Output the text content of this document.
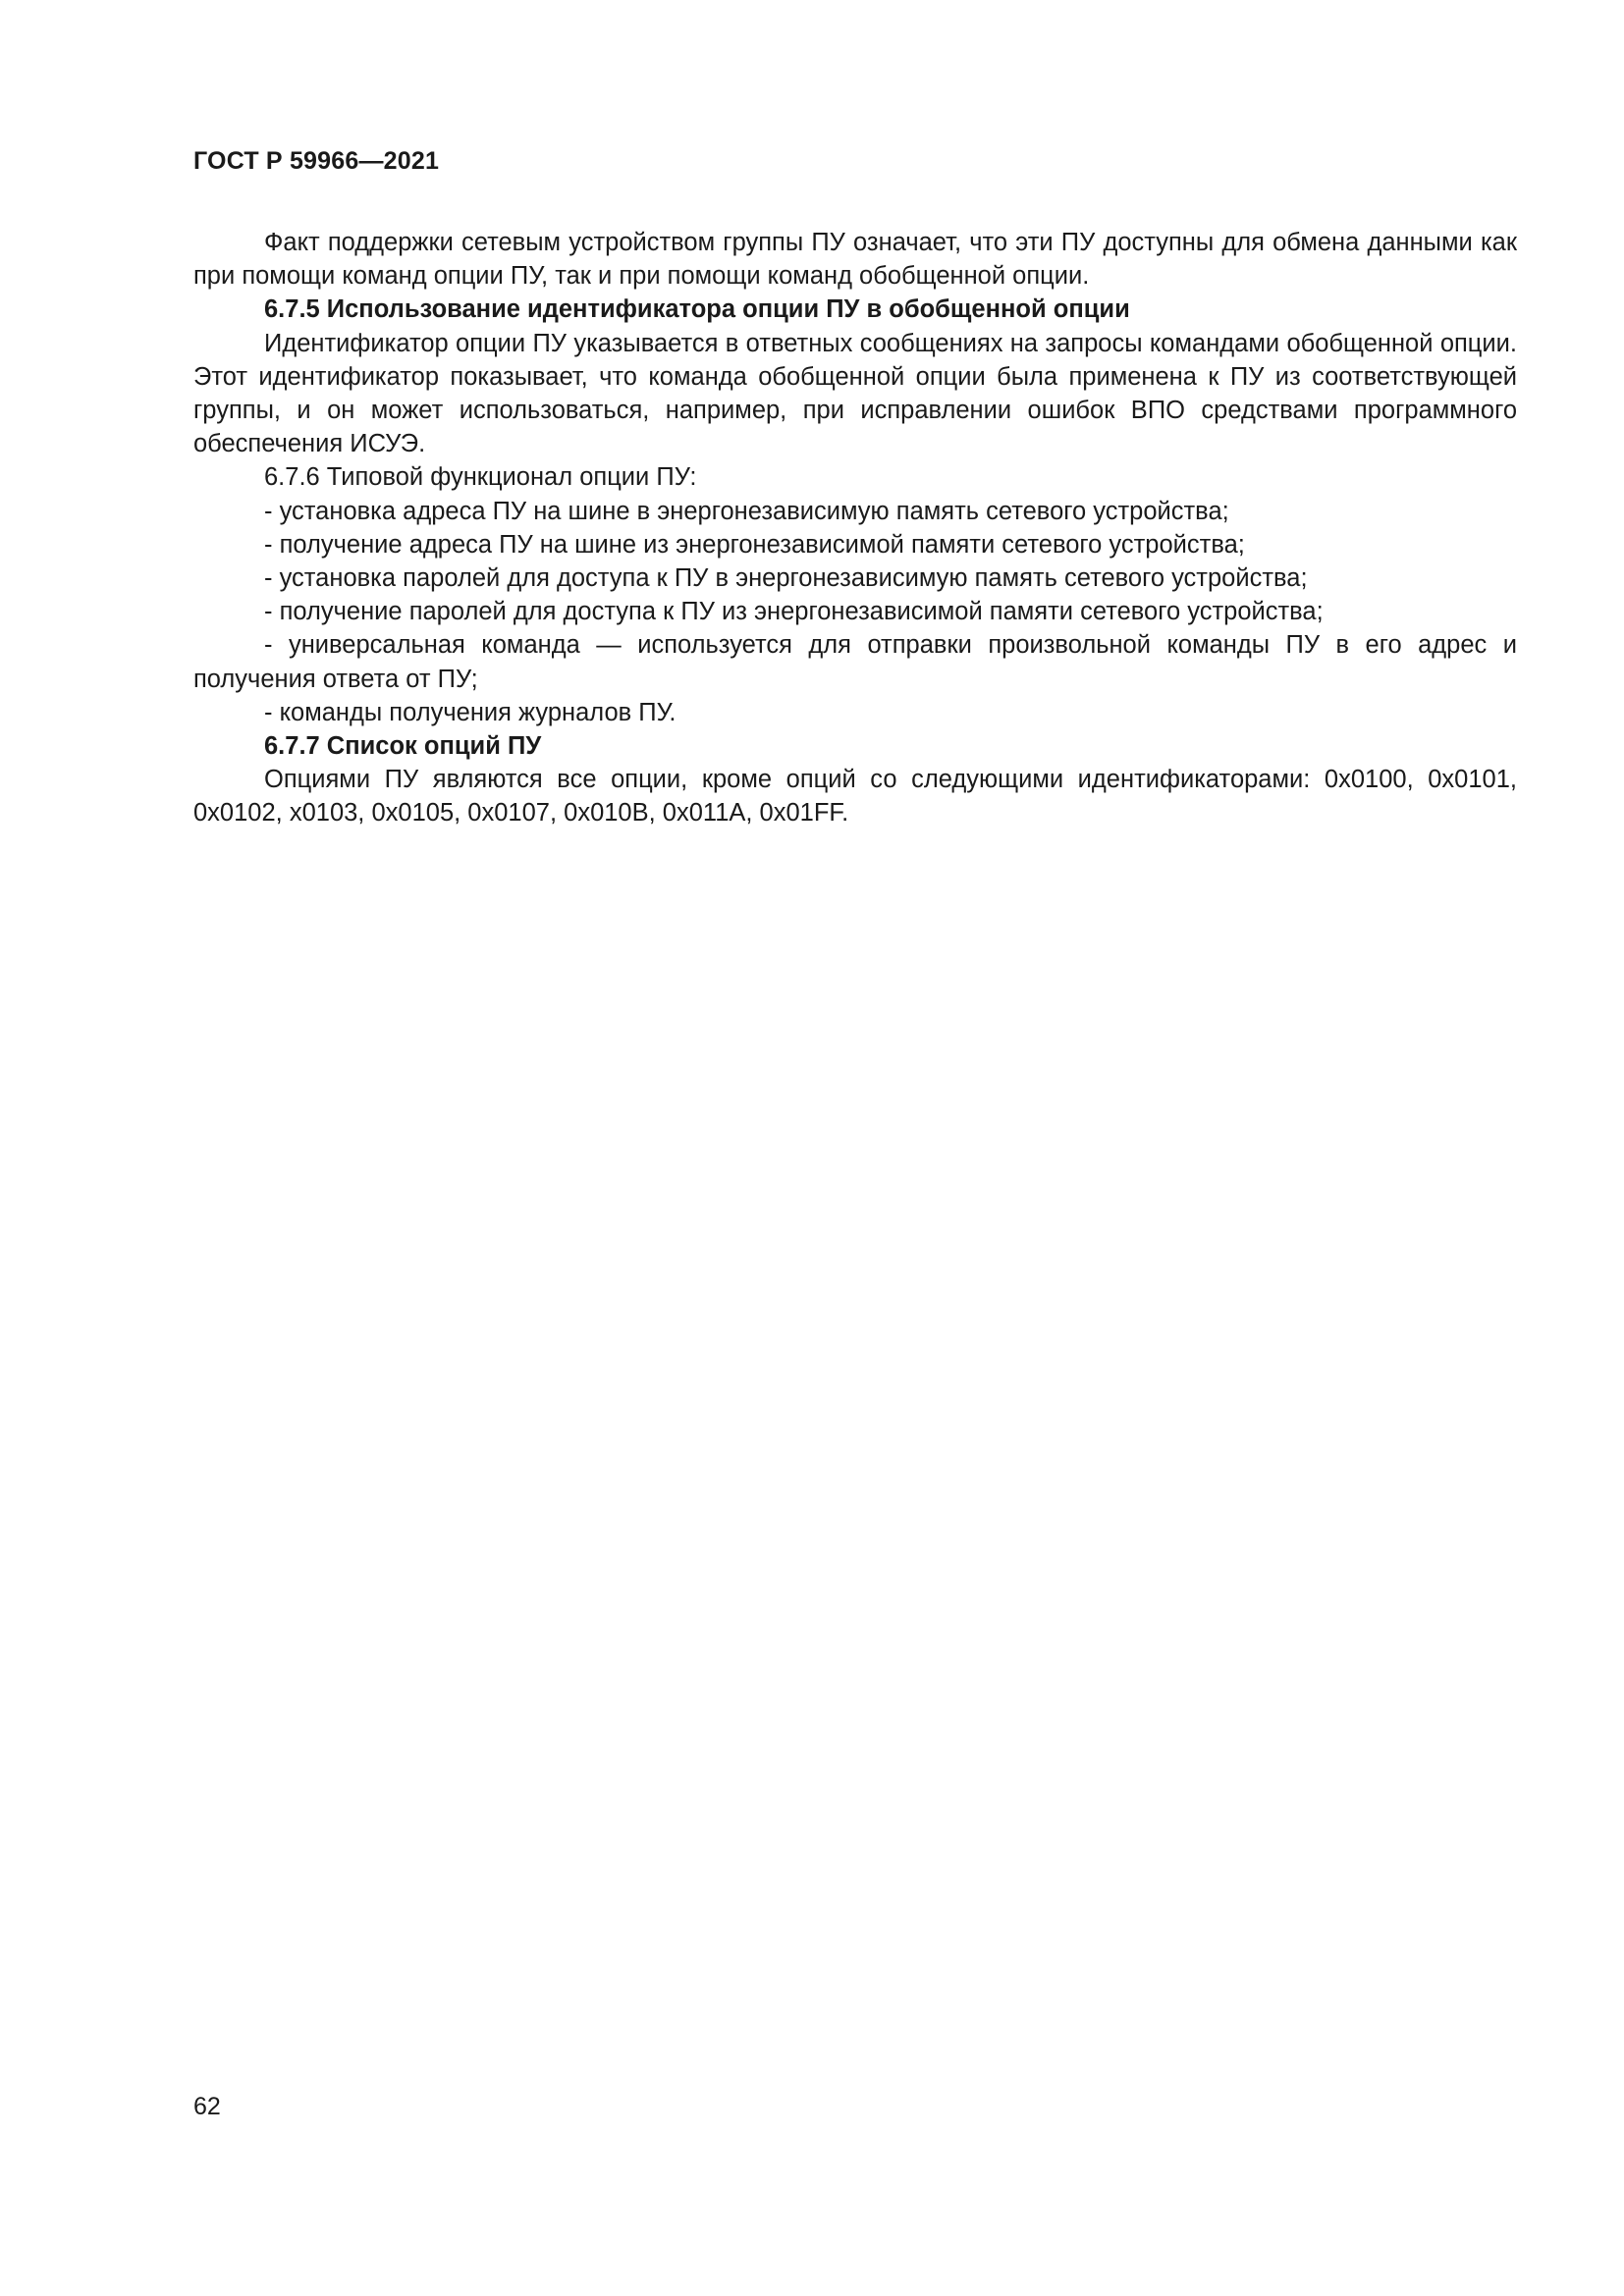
ГОСТ Р 59966—2021

Факт поддержки сетевым устройством группы ПУ означает, что эти ПУ доступны для обмена данными как при помощи команд опции ПУ, так и при помощи команд обобщенной опции.

6.7.5 Использование идентификатора опции ПУ в обобщенной опции

Идентификатор опции ПУ указывается в ответных сообщениях на запросы командами обобщенной опции. Этот идентификатор показывает, что команда обобщенной опции была применена к ПУ из соответствующей группы, и он может использоваться, например, при исправлении ошибок ВПО средствами программного обеспечения ИСУЭ.

6.7.6 Типовой функционал опции ПУ:

- установка адреса ПУ на шине в энергонезависимую память сетевого устройства;

- получение адреса ПУ на шине из энергонезависимой памяти сетевого устройства;

- установка паролей для доступа к ПУ в энергонезависимую память сетевого устройства;

- получение паролей для доступа к ПУ из энергонезависимой памяти сетевого устройства;

- универсальная команда — используется для отправки произвольной команды ПУ в его адрес и получения ответа от ПУ;

- команды получения журналов ПУ.

6.7.7 Список опций ПУ

Опциями ПУ являются все опции, кроме опций со следующими идентификаторами: 0x0100, 0x0101, 0x0102, x0103, 0x0105, 0x0107, 0x010B, 0x011A, 0x01FF.

62
